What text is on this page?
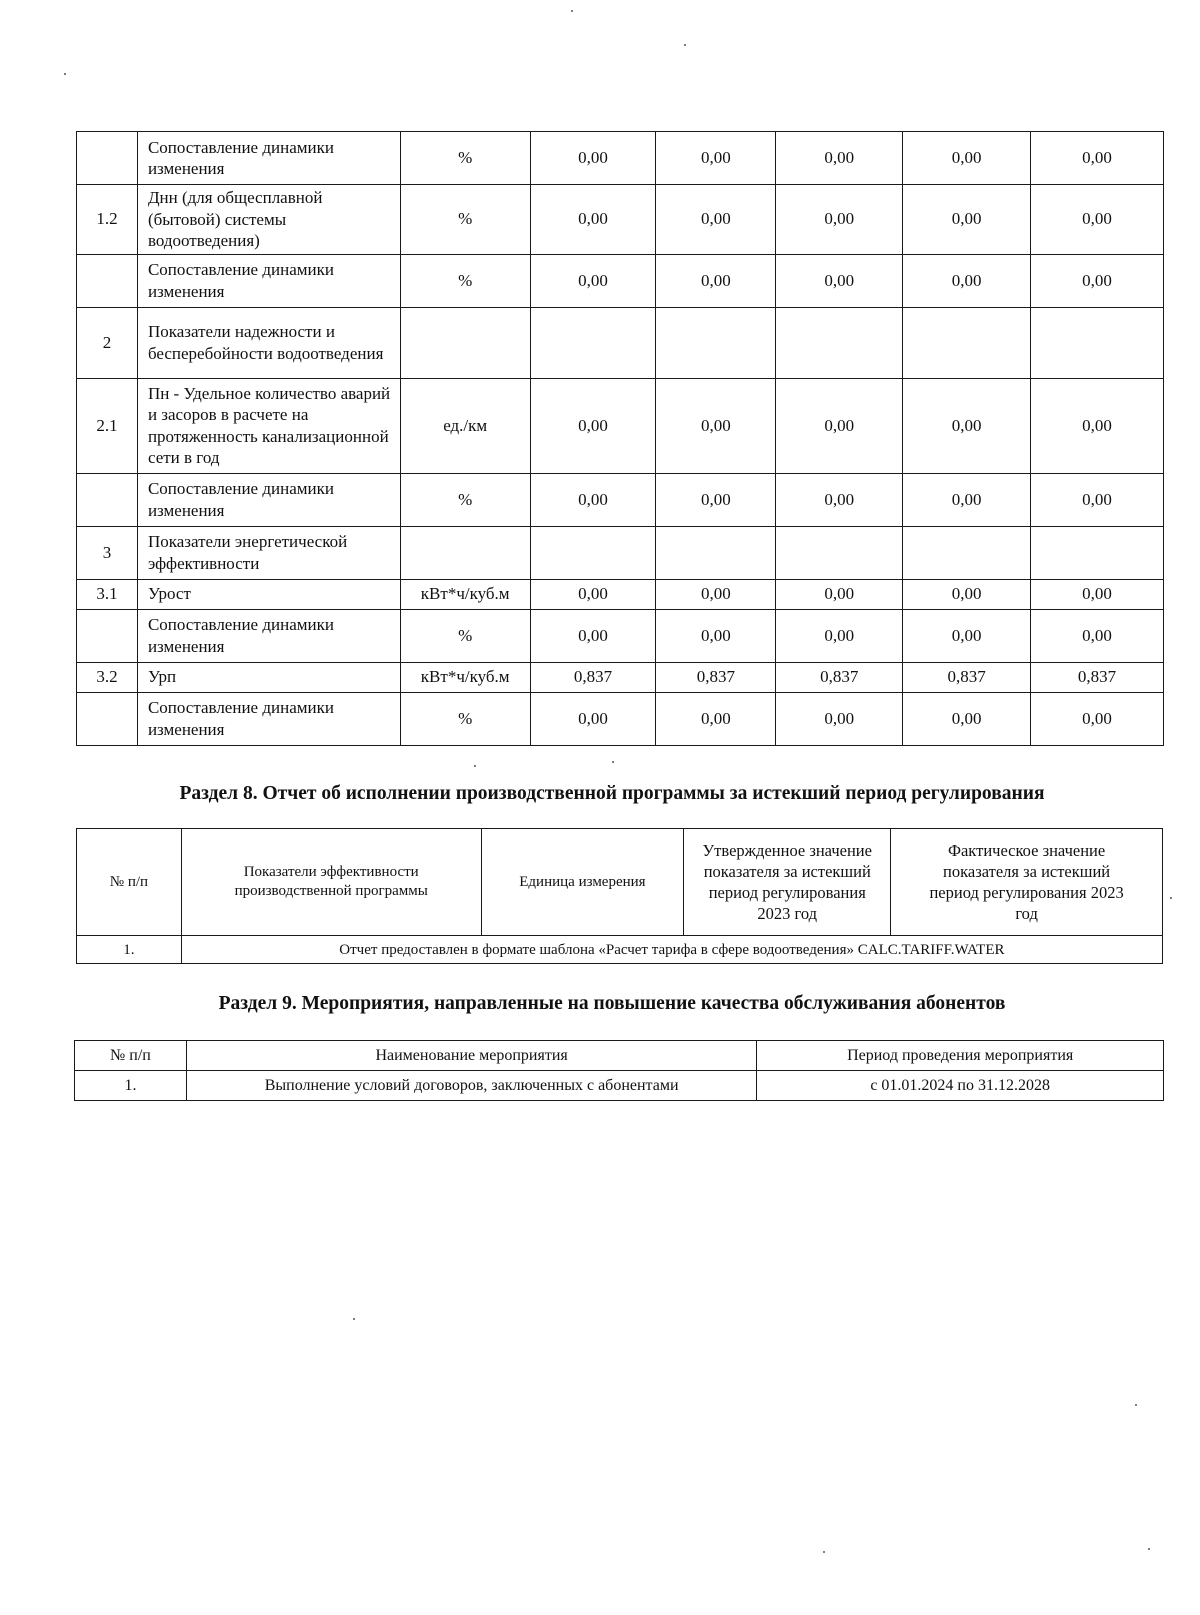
	Сопоставление динамики изменения	%	0,00	0,00	0,00	0,00	0,00
1.2	Днн (для общесплавной (бытовой) системы водоотведения)	%	0,00	0,00	0,00	0,00	0,00
	Сопоставление динамики изменения	%	0,00	0,00	0,00	0,00	0,00
2	Показатели надежности и бесперебойности водоотведения						
2.1	Пн - Удельное количество аварий и засоров в расчете на протяженность канализационной сети в год	ед./км	0,00	0,00	0,00	0,00	0,00
	Сопоставление динамики изменения	%	0,00	0,00	0,00	0,00	0,00
3	Показатели энергетической эффективности						
3.1	Урост	кВт*ч/куб.м	0,00	0,00	0,00	0,00	0,00
	Сопоставление динамики изменения	%	0,00	0,00	0,00	0,00	0,00
3.2	Урп	кВт*ч/куб.м	0,837	0,837	0,837	0,837	0,837
	Сопоставление динамики изменения	%	0,00	0,00	0,00	0,00	0,00
Раздел 8. Отчет об исполнении производственной программы за истекший период регулирования
№ п/п	Показатели эффективности производственной программы	Единица измерения	Утвержденное значение показателя за истекший период регулирования 2023 год	Фактическое значение показателя за истекший период регулирования 2023 год
1.	Отчет предоставлен в формате шаблона «Расчет тарифа в сфере водоотведения» CALC.TARIFF.WATER			
Раздел 9. Мероприятия, направленные на повышение качества обслуживания абонентов
№ п/п	Наименование мероприятия	Период проведения мероприятия
1.	Выполнение условий договоров, заключенных с абонентами	с 01.01.2024 по 31.12.2028
